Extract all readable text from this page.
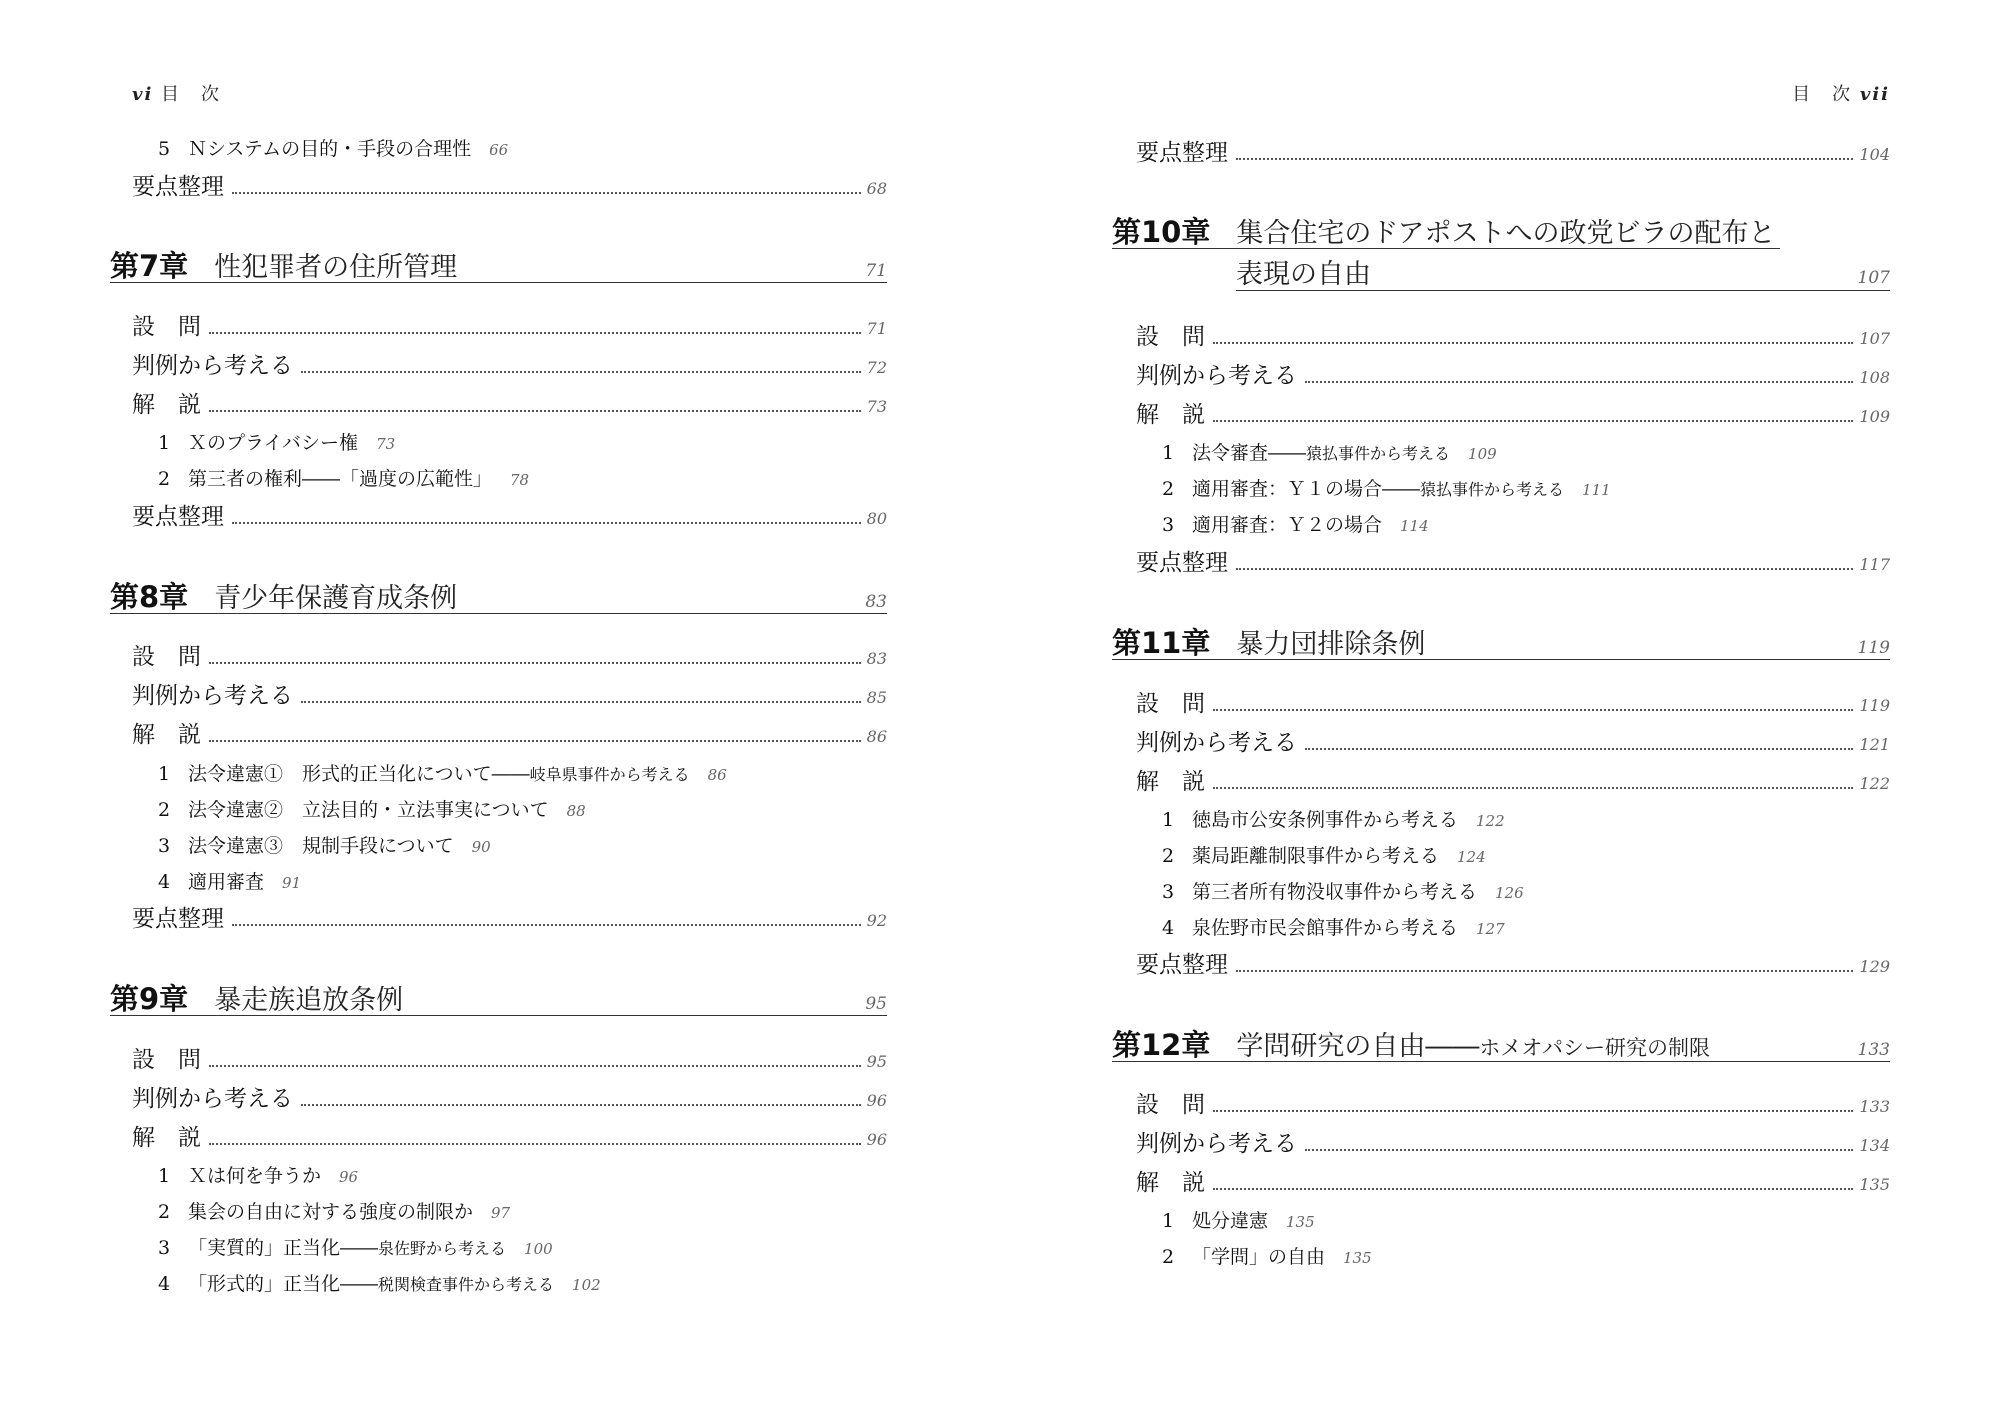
vi 目　次
5 Ｎシステムの目的・手段の合理性 66
要点整理	68
第7章 性犯罪者の住所管理	71
設　問	71
判例から考える	72
解　説	73
1 Ｘのプライバシー権 73
2 第三者の権利――「過度の広範性」 78
要点整理	80
第8章 青少年保護育成条例	83
設　問	83
判例から考える	85
解　説	86
1 法令違憲①　形式的正当化について―― 岐阜県事件から考える 86
2 法令違憲②　立法目的・立法事実について 88
3 法令違憲③　規制手段について 90
4 適用審査 91
要点整理	92
第9章 暴走族追放条例	95
設　問	95
判例から考える	96
解　説	96
1 Ｘは何を争うか 96
2 集会の自由に対する強度の制限か 97
3 「実質的」正当化―― 泉佐野から考える 100
4 「形式的」正当化―― 税関検査事件から考える 102
目　次 vii
要点整理	104
第10章 集合住宅のドアポストへの政党ビラの配布と
表現の自由	107
設　問	107
判例から考える	108
解　説	109
1 法令審査―― 猿払事件から考える 109
2 適用審査：Ｙ１の場合―― 猿払事件から考える 111
3 適用審査：Ｙ２の場合 114
要点整理	117
第11章 暴力団排除条例	119
設　問	119
判例から考える	121
解　説	122
1 徳島市公安条例事件から考える 122
2 薬局距離制限事件から考える 124
3 第三者所有物没収事件から考える 126
4 泉佐野市民会館事件から考える 127
要点整理	129
第12章 学問研究の自由――ホメオパシー研究の制限	133
設　問	133
判例から考える	134
解　説	135
1 処分違憲 135
2 「学問」の自由 135
